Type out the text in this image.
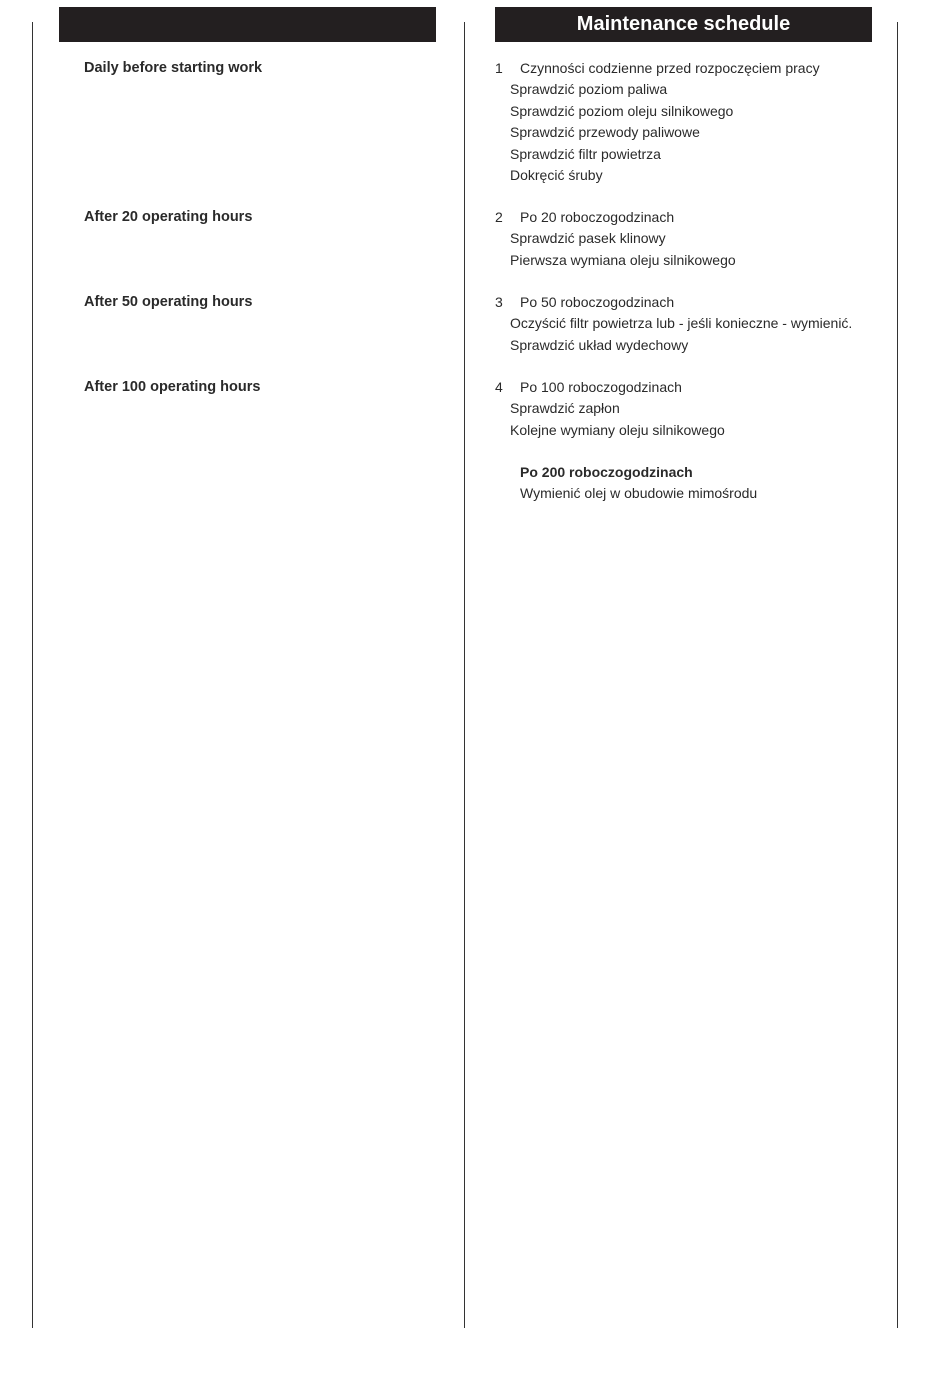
Maintenance schedule
Daily before starting work
After 20 operating hours
After 50 operating hours
After 100 operating hours
1 Czynności codzienne przed rozpoczęciem pracy
Sprawdzić poziom paliwa
Sprawdzić poziom oleju silnikowego
Sprawdzić przewody paliwowe
Sprawdzić filtr powietrza
Dokręcić śruby
2 Po 20 roboczogodzinach
Sprawdzić pasek klinowy
Pierwsza wymiana oleju silnikowego
3 Po 50 roboczogodzinach
Oczyścić filtr powietrza lub - jeśli konieczne - wymienić.
Sprawdzić układ wydechowy
4 Po 100 roboczogodzinach
Sprawdzić zapłon
Kolejne wymiany oleju silnikowego
Po 200 roboczogodzinach
Wymienić olej w obudowie mimośrodu
